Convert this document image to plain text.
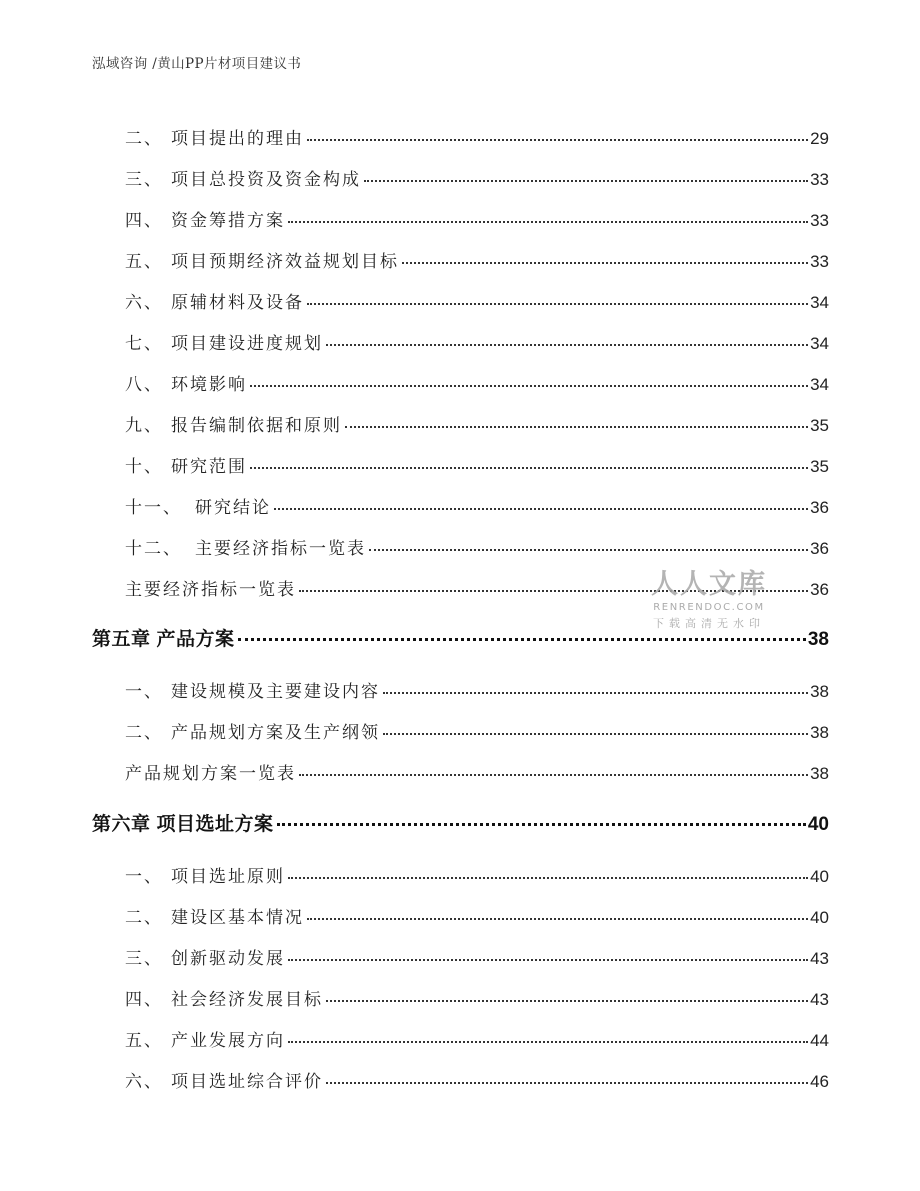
泓域咨询 /黄山PP片材项目建议书
二、 项目提出的理由	29
三、 项目总投资及资金构成	33
四、 资金筹措方案	33
五、 项目预期经济效益规划目标	33
六、 原辅材料及设备	34
七、 项目建设进度规划	34
八、 环境影响	34
九、 报告编制依据和原则	35
十、 研究范围	35
十一、 研究结论	36
十二、 主要经济指标一览表	36
主要经济指标一览表	36
第五章 产品方案	38
一、 建设规模及主要建设内容	38
二、 产品规划方案及生产纲领	38
产品规划方案一览表	38
第六章 项目选址方案	40
一、 项目选址原则	40
二、 建设区基本情况	40
三、 创新驱动发展	43
四、 社会经济发展目标	43
五、 产业发展方向	44
六、 项目选址综合评价	46
人人文库
RENRENDOC.COM
下载高清无水印
